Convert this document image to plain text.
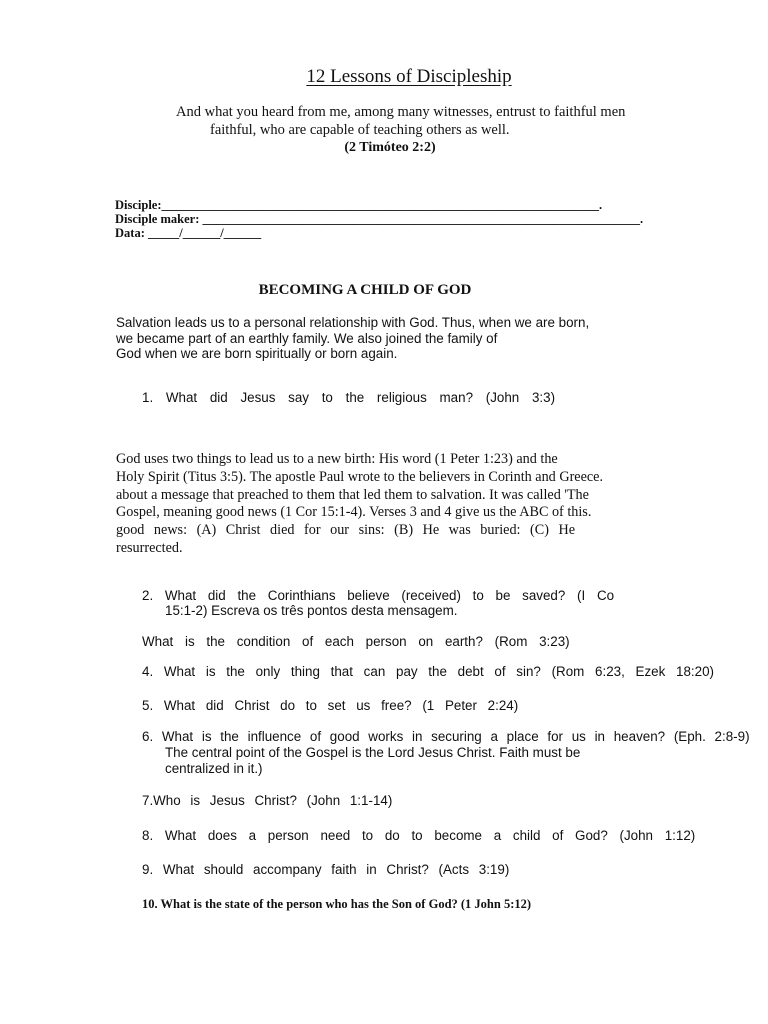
12 Lessons of Discipleship
And what you heard from me, among many witnesses, entrust to faithful men
faithful, who are capable of teaching others as well.
(2 Timóteo 2:2)
Disciple:______________________________________________________________________.
Disciple maker: ______________________________________________________________________.
Data: _____/______/______
BECOMING A CHILD OF GOD
Salvation leads us to a personal relationship with God. Thus, when we are born,
we became part of an earthly family. We also joined the family of
God when we are born spiritually or born again.
1. What did Jesus say to the religious man? (John 3:3)
God uses two things to lead us to a new birth: His word (1 Peter 1:23) and the
Holy Spirit (Titus 3:5). The apostle Paul wrote to the believers in Corinth and Greece.
about a message that preached to them that led them to salvation. It was called 'The
Gospel, meaning good news (1 Cor 15:1-4). Verses 3 and 4 give us the ABC of this.
good news: (A) Christ died for our sins: (B) He was buried: (C) He
resurrected.
2. What did the Corinthians believe (received) to be saved? (I Co
15:1-2) Escreva os três pontos desta mensagem.
What is the condition of each person on earth? (Rom 3:23)
4. What is the only thing that can pay the debt of sin? (Rom 6:23, Ezek 18:20)
5. What did Christ do to set us free? (1 Peter 2:24)
6. What is the influence of good works in securing a place for us in heaven? (Eph. 2:8-9)
The central point of the Gospel is the Lord Jesus Christ. Faith must be
centralized in it.)
7.Who is Jesus Christ? (John 1:1-14)
8. What does a person need to do to become a child of God? (John 1:12)
9. What should accompany faith in Christ? (Acts 3:19)
10. What is the state of the person who has the Son of God? (1 John 5:12)
